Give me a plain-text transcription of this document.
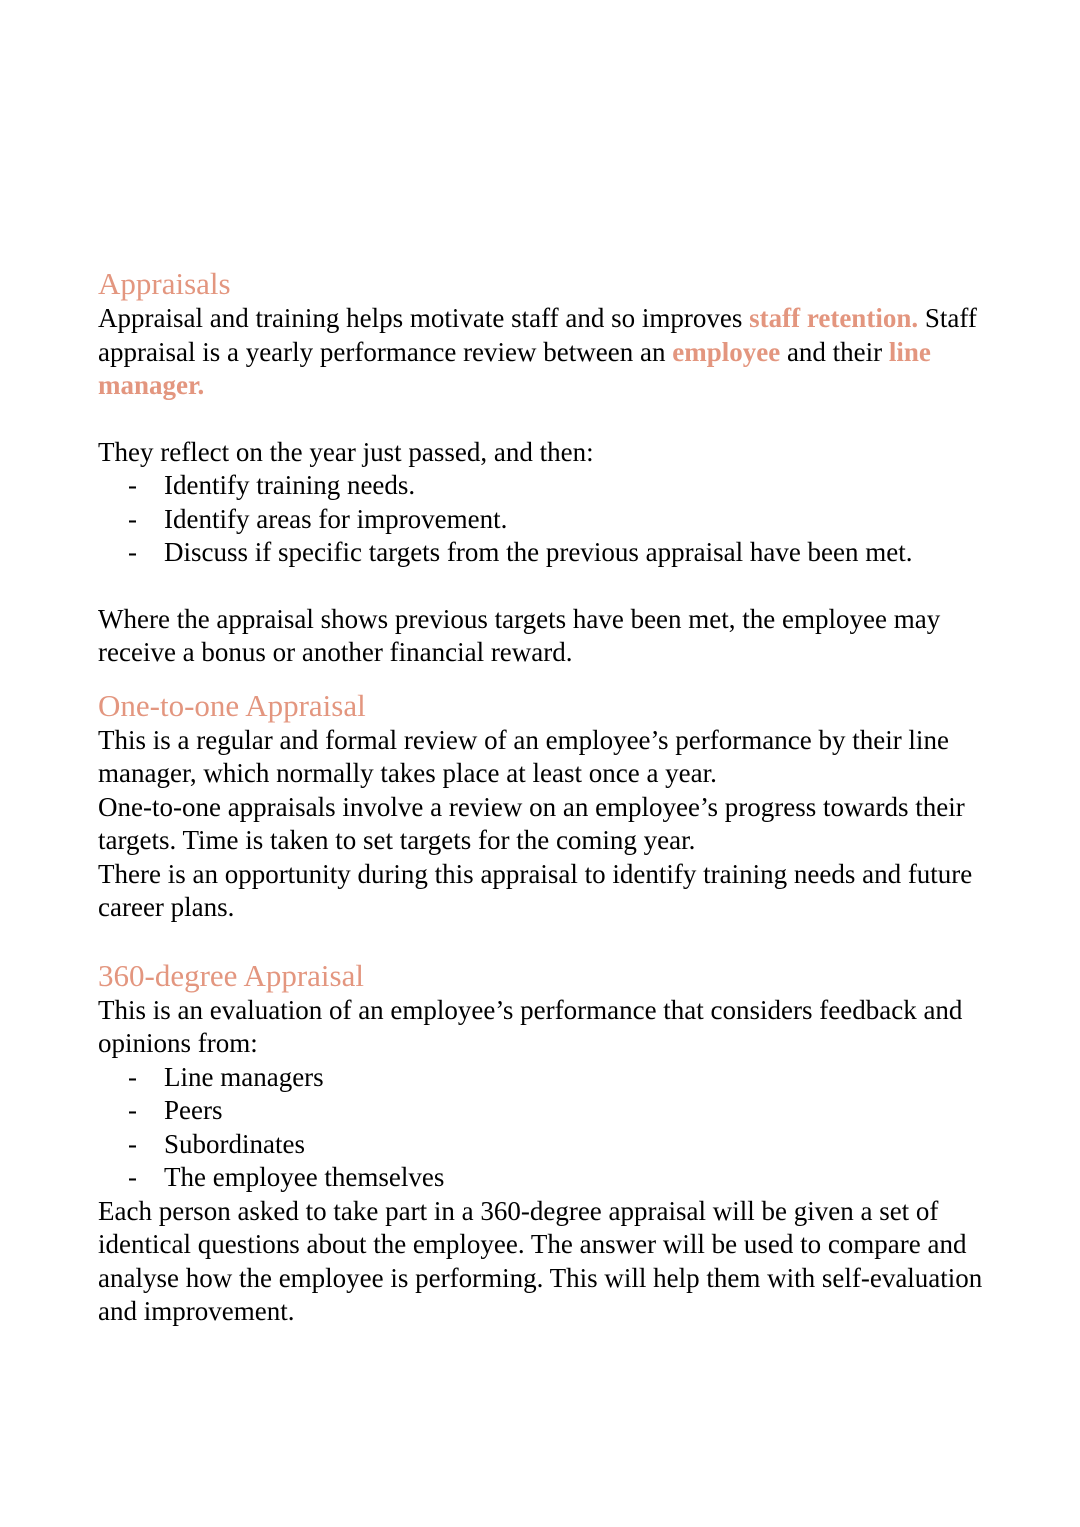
Appraisals

Appraisal and training helps motivate staff and so improves staff retention. Staff appraisal is a yearly performance review between an employee and their line manager.

They reflect on the year just passed, and then:

- Identify training needs.
- Identify areas for improvement.
- Discuss if specific targets from the previous appraisal have been met.

Where the appraisal shows previous targets have been met, the employee may receive a bonus or another financial reward.

One-to-one Appraisal

This is a regular and formal review of an employee’s performance by their line manager, which normally takes place at least once a year.

One-to-one appraisals involve a review on an employee’s progress towards their targets. Time is taken to set targets for the coming year.

There is an opportunity during this appraisal to identify training needs and future career plans.

360-degree Appraisal

This is an evaluation of an employee’s performance that considers feedback and opinions from:

- Line managers
- Peers
- Subordinates
- The employee themselves

Each person asked to take part in a 360-degree appraisal will be given a set of identical questions about the employee. The answer will be used to compare and analyse how the employee is performing. This will help them with self-evaluation and improvement.
